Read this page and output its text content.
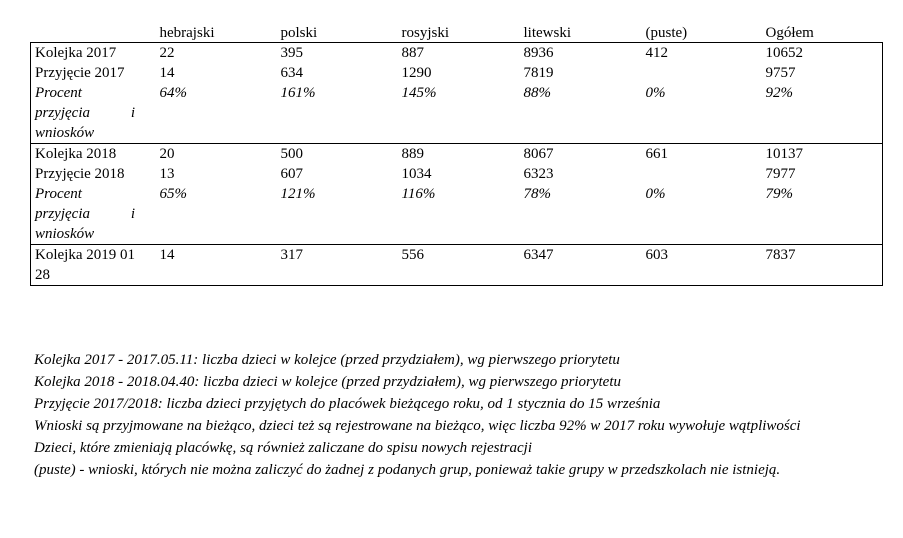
	hebrajski	polski	rosyjski	litewski	(puste)	Ogółem
Kolejka 2017	22	395	887	8936	412	10652

Przyjęcie 2017	14	634	1290	7819		9757

Procent przyjęcia i wniosków	64%	161%	145%	88%	0%	92%
Kolejka 2018	20	500	889	8067	661	10137

Przyjęcie 2018	13	607	1034	6323		7977

Procent przyjęcia i wniosków	65%	121%	116%	78%	0%	79%

Kolejka 2019 01 28	14	317	556	6347	603	7837

Kolejka 2017 - 2017.05.11: liczba dzieci w kolejce (przed przydziałem), wg pierwszego priorytetu

Kolejka 2018 - 2018.04.40: liczba dzieci w kolejce (przed przydziałem), wg pierwszego priorytetu

Przyjęcie 2017/2018: liczba dzieci przyjętych do placówek bieżącego roku, od 1 stycznia do 15 września

Wnioski są przyjmowane na bieżąco, dzieci też są rejestrowane na bieżąco, więc liczba 92% w 2017 roku wywołuje wątpliwości

Dzieci, które zmieniają placówkę, są również zaliczane do spisu nowych rejestracji

(puste) - wnioski, których nie można zaliczyć do żadnej z podanych grup, ponieważ takie grupy w przedszkolach nie istnieją.
